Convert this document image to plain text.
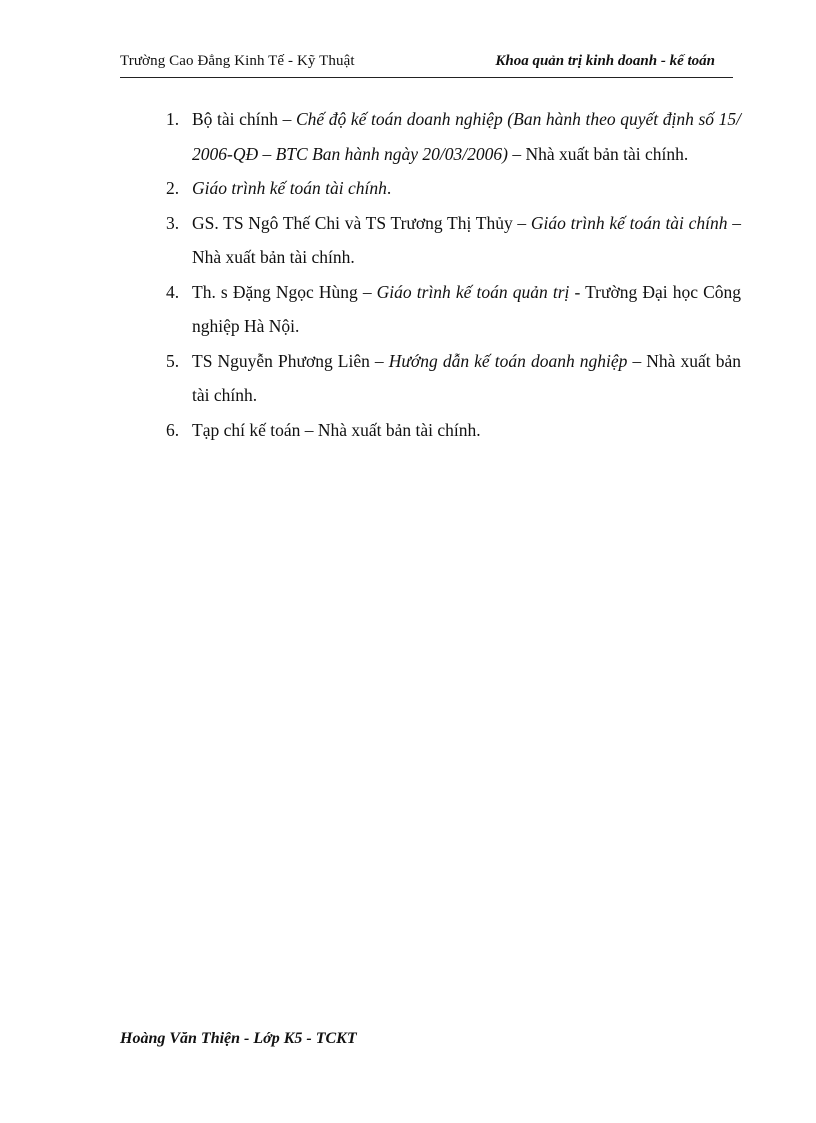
Trường Cao Đẳng Kinh Tế - Kỹ Thuật	Khoa quản trị kinh doanh - kế toán
1. Bộ tài chính – Chế độ kế toán doanh nghiệp (Ban hành theo quyết định số 15/ 2006-QĐ – BTC Ban hành ngày 20/03/2006) – Nhà xuất bản tài chính.
2. Giáo trình kế toán tài chính.
3. GS. TS Ngô Thế Chi và TS Trương Thị Thủy – Giáo trình kế toán tài chính – Nhà xuất bản tài chính.
4. Th. s Đặng Ngọc Hùng – Giáo trình kế toán quản trị - Trường Đại học Công nghiệp Hà Nội.
5. TS Nguyễn Phương Liên – Hướng dẫn kế toán doanh nghiệp – Nhà xuất bản tài chính.
6. Tạp chí kế toán – Nhà xuất bản tài chính.
Hoàng Văn Thiện - Lớp K5 - TCKT
